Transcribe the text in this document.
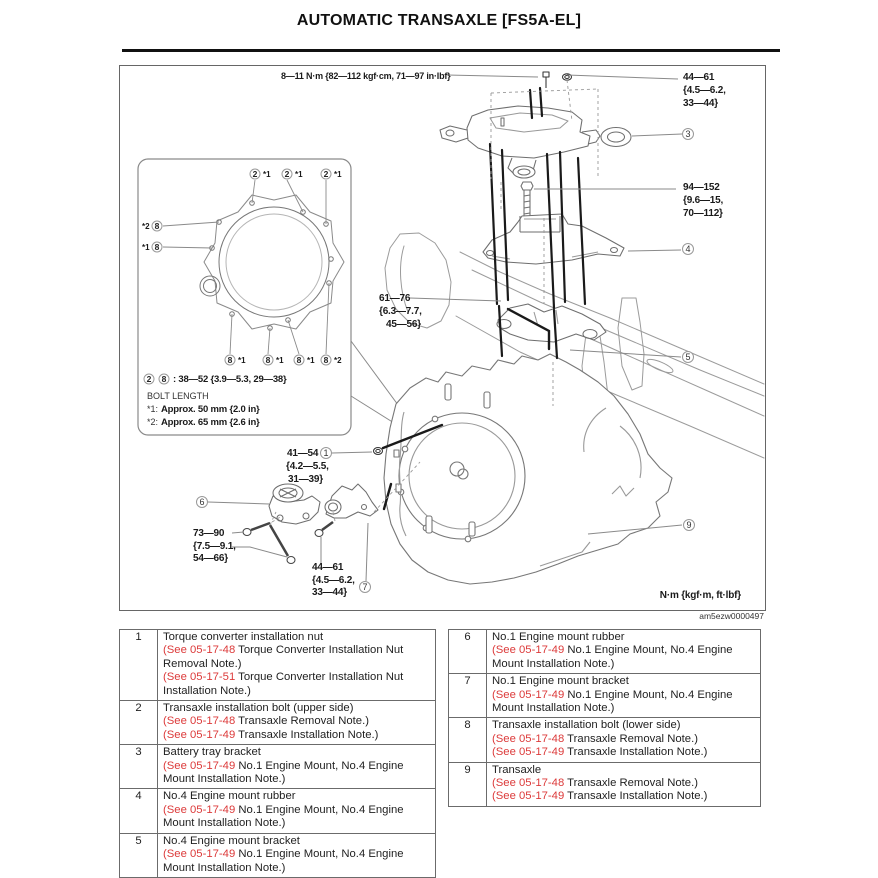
AUTOMATIC TRANSAXLE [FS5A-EL]
1
3
4
5
6
7
9
8—11 N·m {82—112 kgf·cm, 71—97 in·lbf}	44—61
{4.5—6.2,
33—44}
94—152
{9.6—15,
70—112}
61—76
{6.3—7.7,
45—56}
41—54
{4.2—5.5,
31—39}
73—90
{7.5—9.1,
54—66}
44—61
{4.5—6.2,
33—44}	N·m {kgf·m, ft·lbf}
2 *1 2 *1 2 *1
*2 8
*1 8
8 *1 8 *1 8 *1 8 *2
2 8 : 38—52 {3.9—5.3, 29—38}
BOLT LENGTH
*1: Approx. 50 mm {2.0 in}
*2: Approx. 65 mm {2.6 in}
am5ezw0000497
1	Torque converter installation nut
(See 05-17-48 Torque Converter Installation Nut Removal Note.)
(See 05-17-51 Torque Converter Installation Nut Installation Note.)

2	Transaxle installation bolt (upper side)
(See 05-17-48 Transaxle Removal Note.)
(See 05-17-49 Transaxle Installation Note.)

3	Battery tray bracket
(See 05-17-49 No.1 Engine Mount, No.4 Engine Mount Installation Note.)

4	No.4 Engine mount rubber
(See 05-17-49 No.1 Engine Mount, No.4 Engine Mount Installation Note.)

5	No.4 Engine mount bracket
(See 05-17-49 No.1 Engine Mount, No.4 Engine Mount Installation Note.)
6	No.1 Engine mount rubber
(See 05-17-49 No.1 Engine Mount, No.4 Engine Mount Installation Note.)

7	No.1 Engine mount bracket
(See 05-17-49 No.1 Engine Mount, No.4 Engine Mount Installation Note.)

8	Transaxle installation bolt (lower side)
(See 05-17-48 Transaxle Removal Note.)
(See 05-17-49 Transaxle Installation Note.)

9	Transaxle
(See 05-17-48 Transaxle Removal Note.)
(See 05-17-49 Transaxle Installation Note.)
